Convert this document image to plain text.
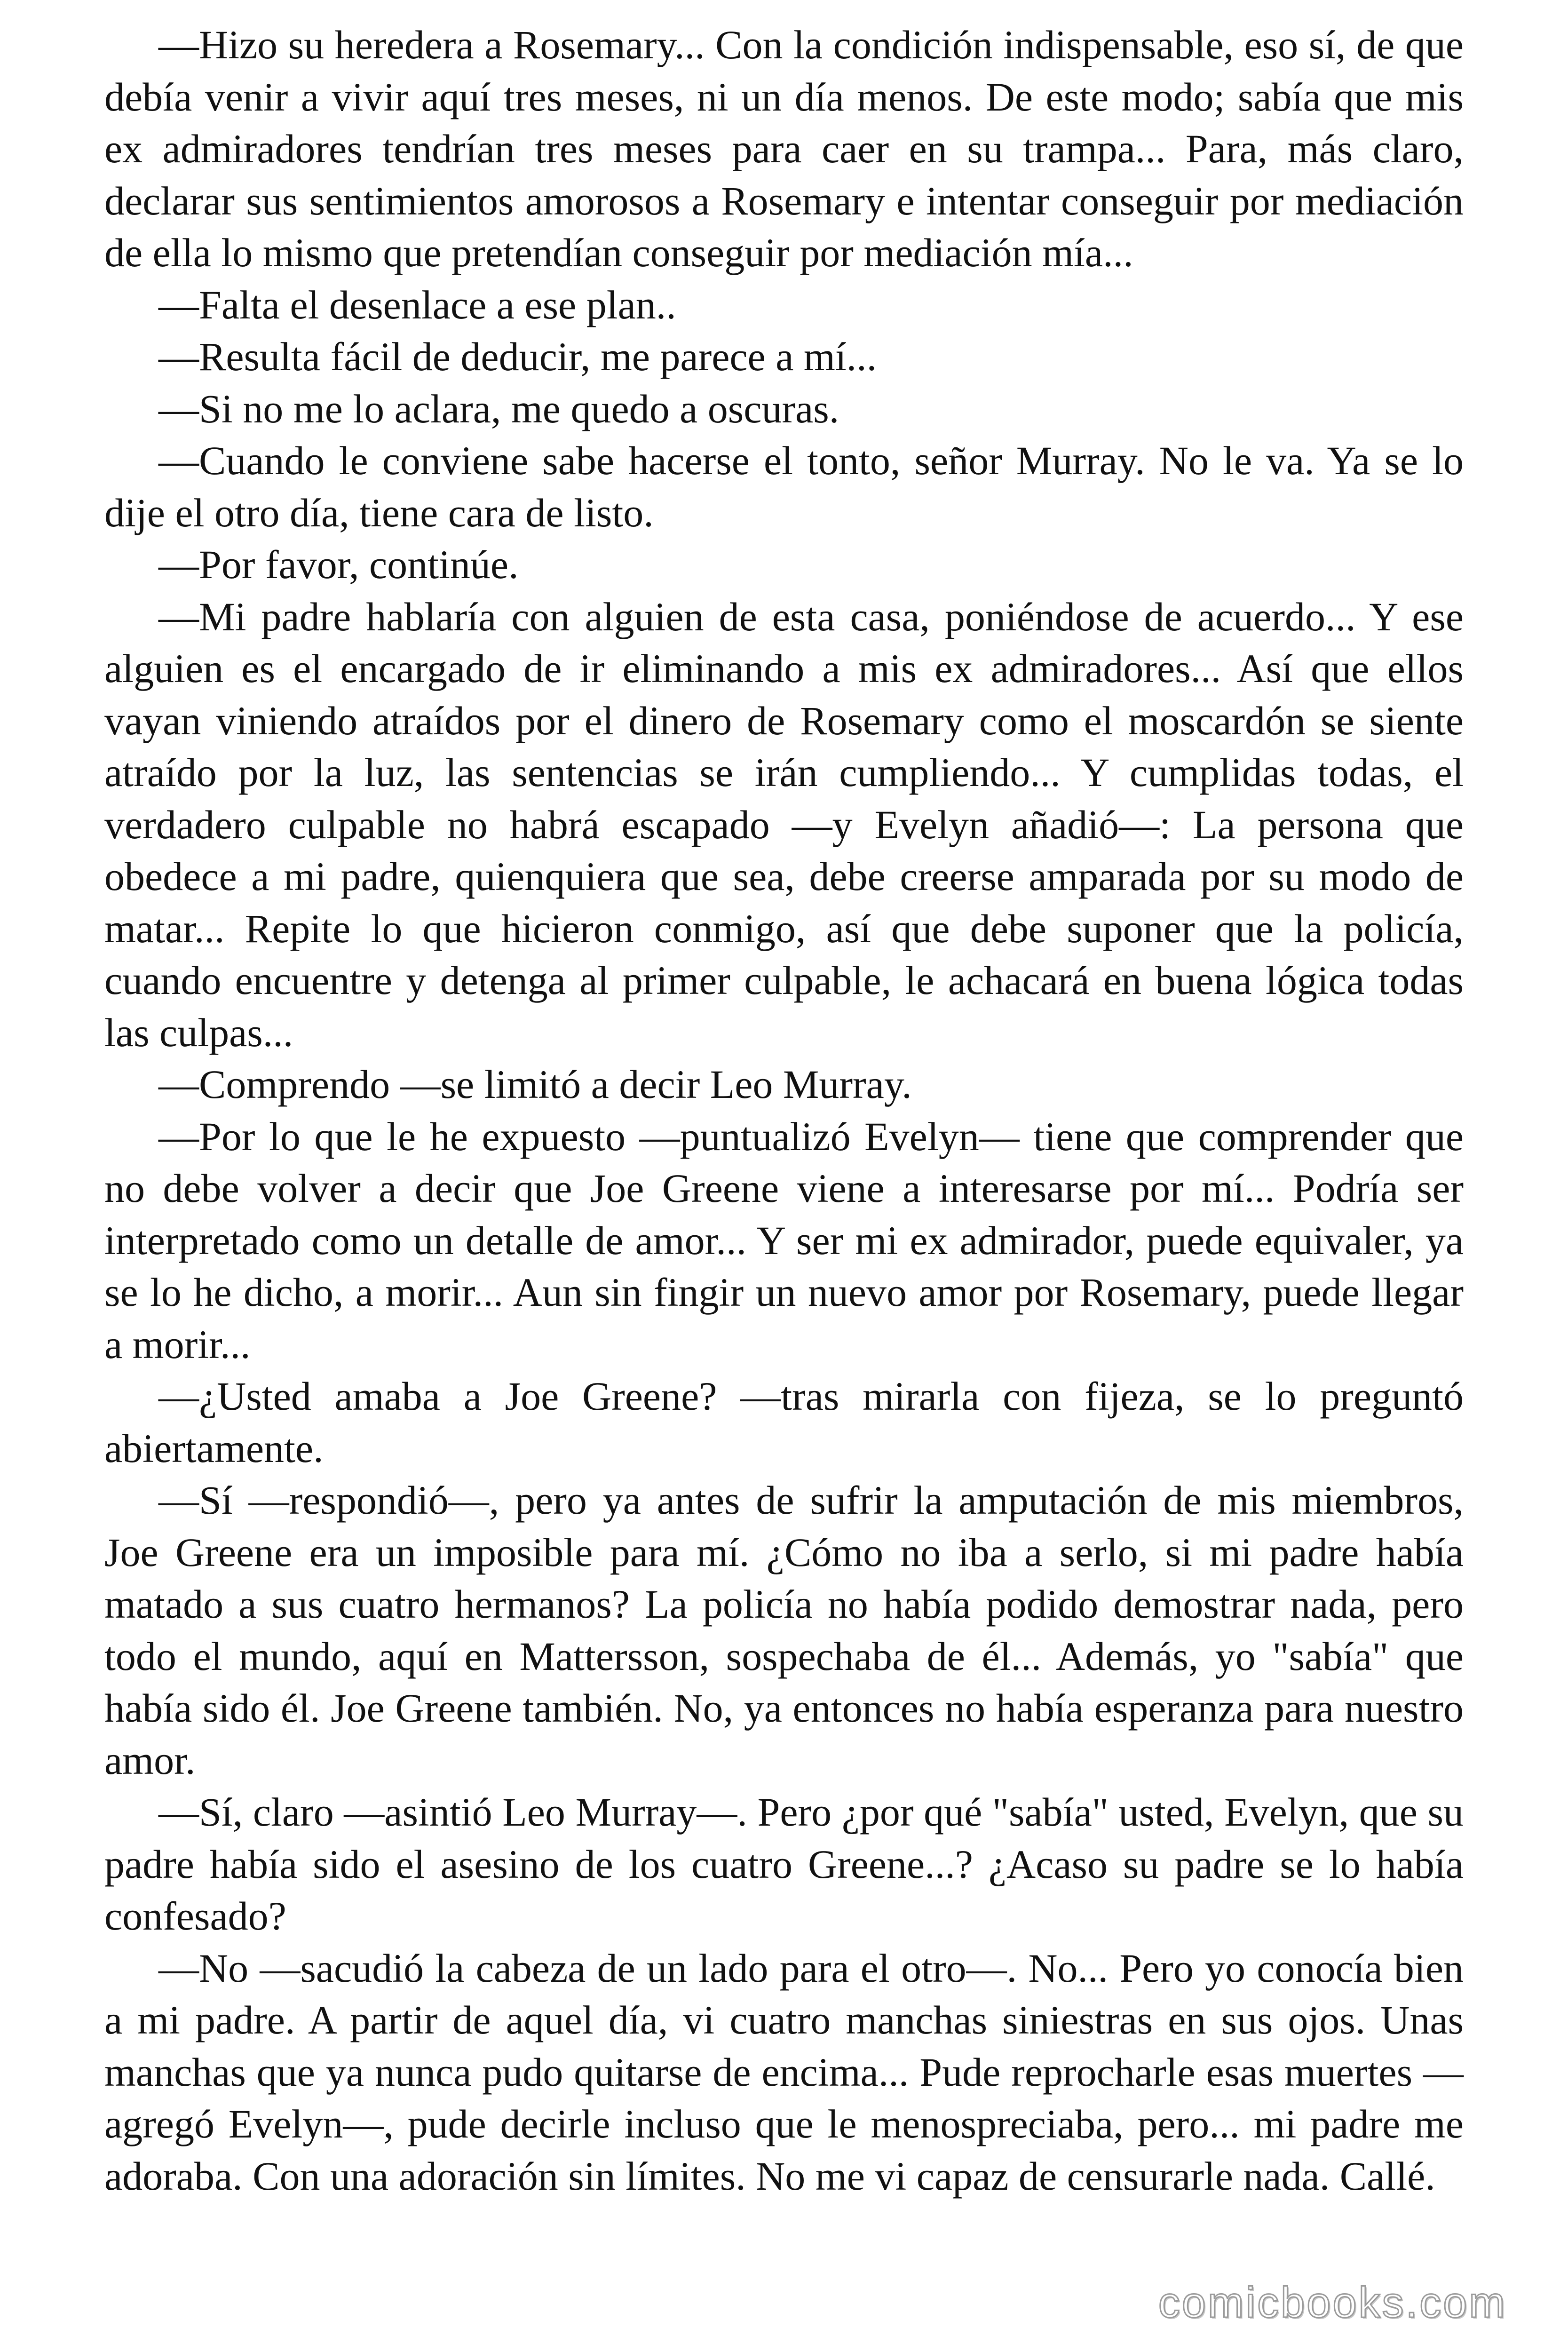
—Hizo su heredera a Rosemary... Con la condición indispensable, eso sí, de que debía venir a vivir aquí tres meses, ni un día menos. De este modo; sabía que mis ex admiradores tendrían tres meses para caer en su trampa... Para, más claro, declarar sus sentimientos amorosos a Rosemary e intentar conseguir por mediación de ella lo mismo que pretendían conseguir por mediación mía...

—Falta el desenlace a ese plan..

—Resulta fácil de deducir, me parece a mí...

—Si no me lo aclara, me quedo a oscuras.

—Cuando le conviene sabe hacerse el tonto, señor Murray. No le va. Ya se lo dije el otro día, tiene cara de listo.

—Por favor, continúe.

—Mi padre hablaría con alguien de esta casa, poniéndose de acuerdo... Y ese alguien es el encargado de ir eliminando a mis ex admiradores... Así que ellos vayan viniendo atraídos por el dinero de Rosemary como el moscardón se siente atraído por la luz, las sentencias se irán cumpliendo... Y cumplidas todas, el verdadero culpable no habrá escapado —y Evelyn añadió—: La persona que obedece a mi padre, quienquiera que sea, debe creerse amparada por su modo de matar... Repite lo que hicieron conmigo, así que debe suponer que la policía, cuando encuentre y detenga al primer culpable, le achacará en buena lógica todas las culpas...

—Comprendo —se limitó a decir Leo Murray.

—Por lo que le he expuesto —puntualizó Evelyn— tiene que comprender que no debe volver a decir que Joe Greene viene a interesarse por mí... Podría ser interpretado como un detalle de amor... Y ser mi ex admirador, puede equivaler, ya se lo he dicho, a morir... Aun sin fingir un nuevo amor por Rosemary, puede llegar a morir...

—¿Usted amaba a Joe Greene? —tras mirarla con fijeza, se lo preguntó abiertamente.

—Sí —respondió—, pero ya antes de sufrir la amputación de mis miembros, Joe Greene era un imposible para mí. ¿Cómo no iba a serlo, si mi padre había matado a sus cuatro hermanos? La policía no había podido demostrar nada, pero todo el mundo, aquí en Mattersson, sospechaba de él... Además, yo "sabía" que había sido él. Joe Greene también. No, ya entonces no había esperanza para nuestro amor.

—Sí, claro —asintió Leo Murray—. Pero ¿por qué "sabía" usted, Evelyn, que su padre había sido el asesino de los cuatro Greene...? ¿Acaso su padre se lo había confesado?

—No —sacudió la cabeza de un lado para el otro—. No... Pero yo conocía bien a mi padre. A partir de aquel día, vi cuatro manchas siniestras en sus ojos. Unas manchas que ya nunca pudo quitarse de encima... Pude reprocharle esas muertes —agregó Evelyn—, pude decirle incluso que le menospreciaba, pero... mi padre me adoraba. Con una adoración sin límites. No me vi capaz de censurarle nada. Callé.

comicbooks.com
